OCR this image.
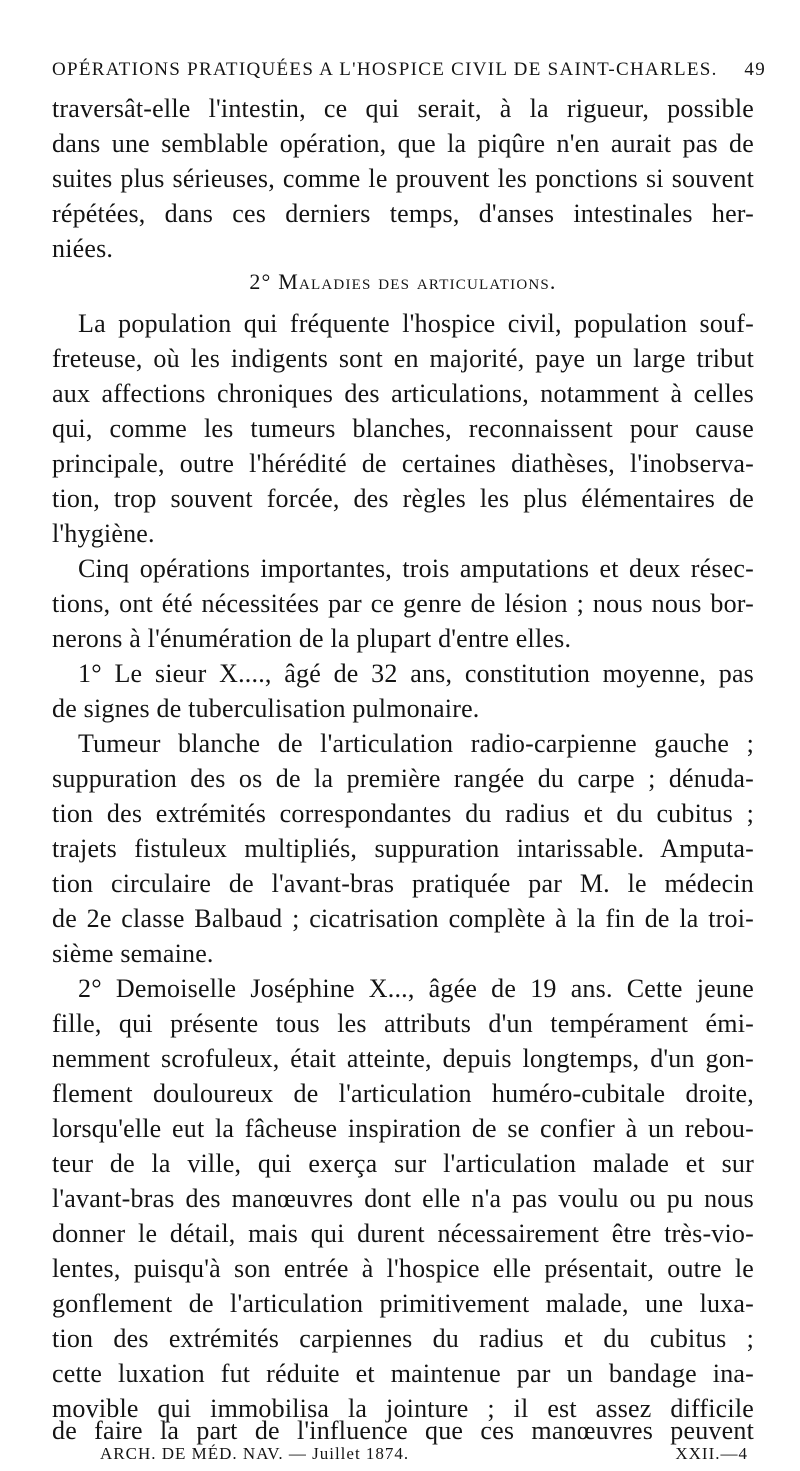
OPÉRATIONS PRATIQUÉES A L'HOSPICE CIVIL DE SAINT-CHARLES. 49
traversât-elle l'intestin, ce qui serait, à la rigueur, possible
dans une semblable opération, que la piqûre n'en aurait pas de
suites plus sérieuses, comme le prouvent les ponctions si souvent
répétées, dans ces derniers temps, d'anses intestinales her-
niées.
2° Maladies des articulations.
La population qui fréquente l'hospice civil, population souf-
freteuse, où les indigents sont en majorité, paye un large tribut
aux affections chroniques des articulations, notamment à celles
qui, comme les tumeurs blanches, reconnaissent pour cause
principale, outre l'hérédité de certaines diathèses, l'inobserva-
tion, trop souvent forcée, des règles les plus élémentaires de
l'hygiène.
Cinq opérations importantes, trois amputations et deux résec-
tions, ont été nécessitées par ce genre de lésion ; nous nous bor-
nerons à l'énumération de la plupart d'entre elles.
1° Le sieur X...., âgé de 32 ans, constitution moyenne, pas
de signes de tuberculisation pulmonaire.
Tumeur blanche de l'articulation radio-carpienne gauche ;
suppuration des os de la première rangée du carpe ; dénuda-
tion des extrémités correspondantes du radius et du cubitus ;
trajets fistuleux multipliés, suppuration intarissable. Amputa-
tion circulaire de l'avant-bras pratiquée par M. le médecin
de 2e classe Balbaud ; cicatrisation complète à la fin de la troi-
sième semaine.
2° Demoiselle Joséphine X..., âgée de 19 ans. Cette jeune
fille, qui présente tous les attributs d'un tempérament émi-
nemment scrofuleux, était atteinte, depuis longtemps, d'un gon-
flement douloureux de l'articulation huméro-cubitale droite,
lorsqu'elle eut la fâcheuse inspiration de se confier à un rebou-
teur de la ville, qui exerça sur l'articulation malade et sur
l'avant-bras des manœuvres dont elle n'a pas voulu ou pu nous
donner le détail, mais qui durent nécessairement être très-vio-
lentes, puisqu'à son entrée à l'hospice elle présentait, outre le
gonflement de l'articulation primitivement malade, une luxa-
tion des extrémités carpiennes du radius et du cubitus ;
cette luxation fut réduite et maintenue par un bandage ina-
movible qui immobilisa la jointure ; il est assez difficile
de faire la part de l'influence que ces manœuvres peuvent
ARCH. DE MÉD. NAV. — Juillet 1874.	XXII.—4
